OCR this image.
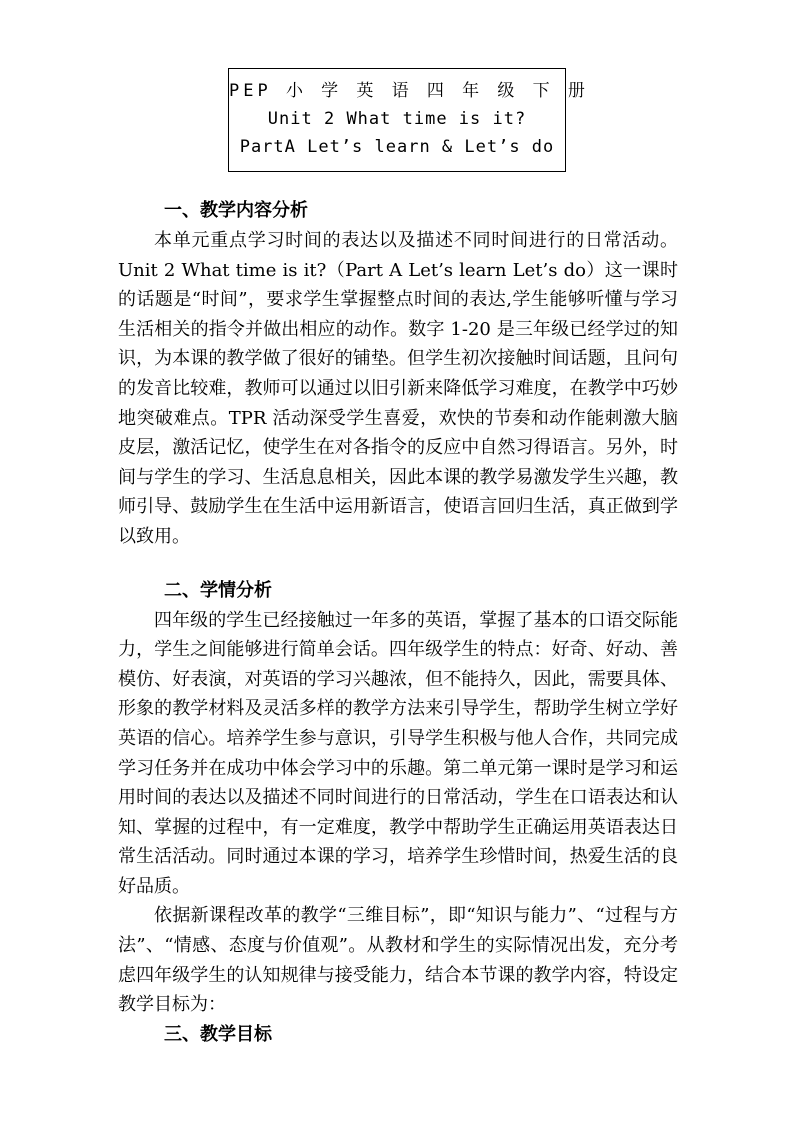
PEP 小 学 英 语 四 年 级 下 册
Unit 2 What time is it?
PartA Let’s learn & Let’s do
一、教学内容分析

本单元重点学习时间的表达以及描述不同时间进行的日常活动。Unit 2 What time is it?（Part A Let’s learn Let’s do）这一课时的话题是“时间”，要求学生掌握整点时间的表达,学生能够听懂与学习生活相关的指令并做出相应的动作。数字 1-20 是三年级已经学过的知识，为本课的教学做了很好的铺垫。但学生初次接触时间话题，且问句的发音比较难，教师可以通过以旧引新来降低学习难度，在教学中巧妙地突破难点。TPR 活动深受学生喜爱，欢快的节奏和动作能刺激大脑皮层，激活记忆，使学生在对各指令的反应中自然习得语言。另外，时间与学生的学习、生活息息相关，因此本课的教学易激发学生兴趣，教师引导、鼓励学生在生活中运用新语言，使语言回归生活，真正做到学以致用。

二、学情分析

四年级的学生已经接触过一年多的英语，掌握了基本的口语交际能力，学生之间能够进行简单会话。四年级学生的特点：好奇、好动、善模仿、好表演，对英语的学习兴趣浓，但不能持久，因此，需要具体、形象的教学材料及灵活多样的教学方法来引导学生，帮助学生树立学好英语的信心。培养学生参与意识，引导学生积极与他人合作，共同完成学习任务并在成功中体会学习中的乐趣。第二单元第一课时是学习和运用时间的表达以及描述不同时间进行的日常活动，学生在口语表达和认知、掌握的过程中，有一定难度，教学中帮助学生正确运用英语表达日常生活活动。同时通过本课的学习，培养学生珍惜时间，热爱生活的良好品质。

依据新课程改革的教学“三维目标”，即“知识与能力”、“过程与方法”、“情感、态度与价值观”。从教材和学生的实际情况出发，充分考虑四年级学生的认知规律与接受能力，结合本节课的教学内容，特设定教学目标为：

三、教学目标
